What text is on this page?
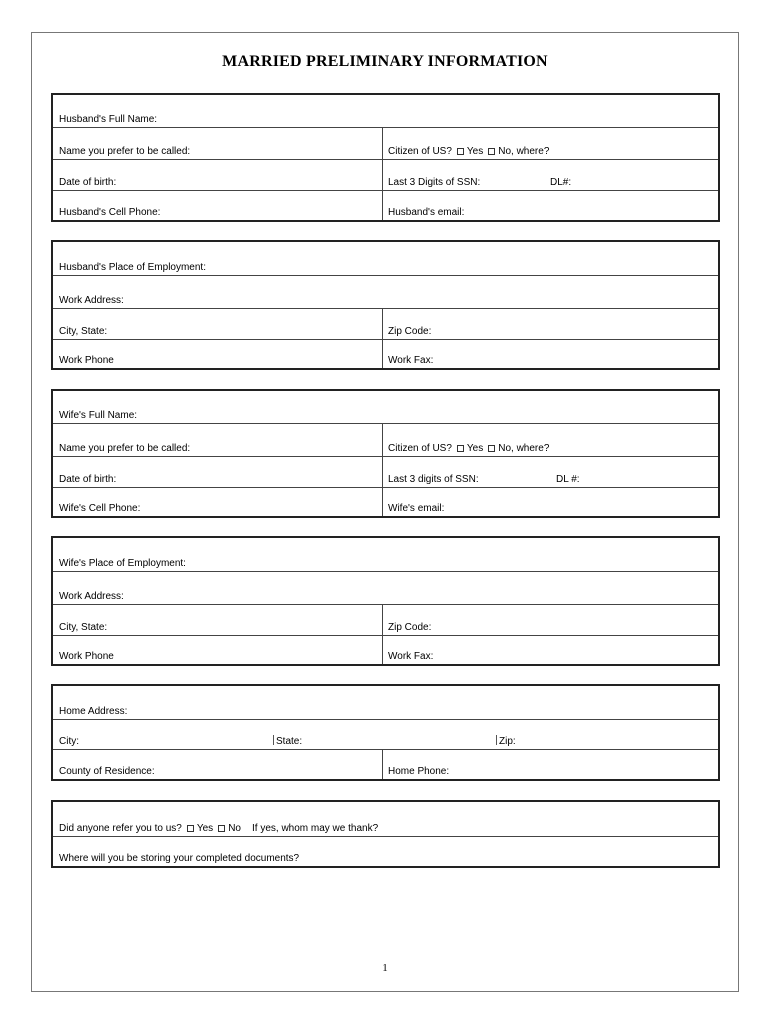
MARRIED PRELIMINARY INFORMATION
Husband's Full Name:
Name you prefer to be called:	Citizen of US? Yes No, where?
Date of birth:	Last 3 Digits of SSN:	DL#:
Husband's Cell Phone:	Husband's email:
Husband's Place of Employment:
Work Address:
City, State:	Zip Code:
Work Phone	Work Fax:
Wife's Full Name:
Name you prefer to be called:	Citizen of US? Yes No, where?
Date of birth:	Last 3 digits of SSN:	DL #:
Wife's Cell Phone:	Wife's email:
Wife's Place of Employment:
Work Address:
City, State:	Zip Code:
Work Phone	Work Fax:
Home Address:
City:	State:	Zip:
County of Residence:	Home Phone:
Did anyone refer you to us? Yes No If yes, whom may we thank?
Where will you be storing your completed documents?
1
